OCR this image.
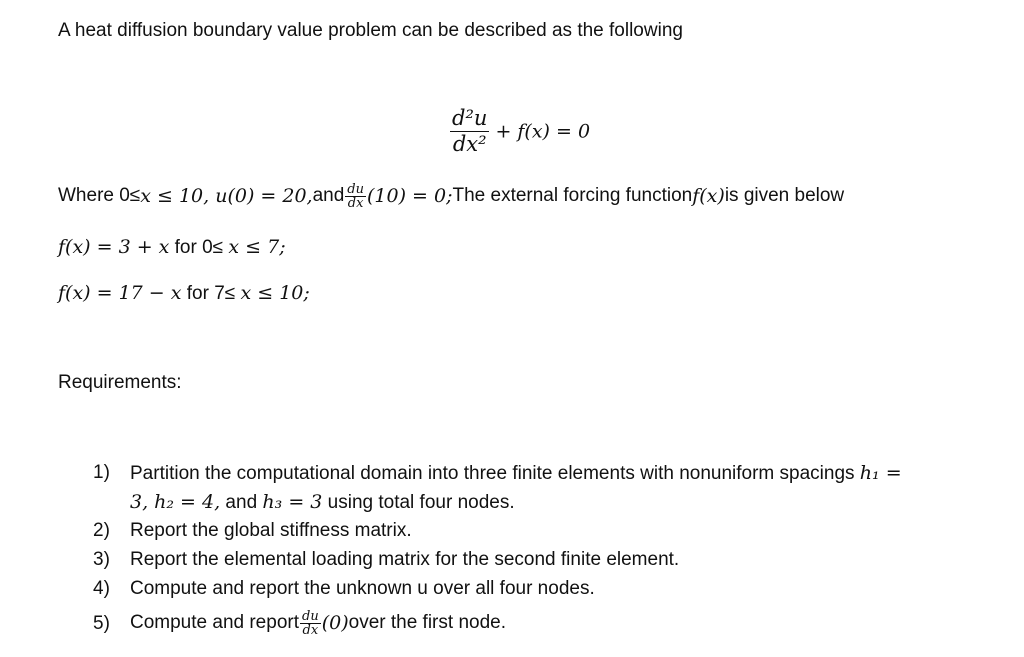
A heat diffusion boundary value problem can be described as the following
$\frac{\text{d²u}}{\text{dx²}} + f(x) = 0$
Where 0≤ x ≤ 10, u(0) = 20, and $\frac{du}{dx} (10) = 0$; The external forcing function f(x) is given below
f(x) = 3 + x for 0≤ x ≤ 7;
f(x) = 17 − x for 7≤ x ≤ 10;
Requirements:
1) Partition the computational domain into three finite elements with nonuniform spacings h₁ =
3, h₂ = 4, and h₃ = 3 using total four nodes.
2) Report the global stiffness matrix.
3) Report the elemental loading matrix for the second finite element.
4) Compute and report the unknown u over all four nodes.
5) Compute and report $\frac{du}{dx} (0)$ over the first node.
